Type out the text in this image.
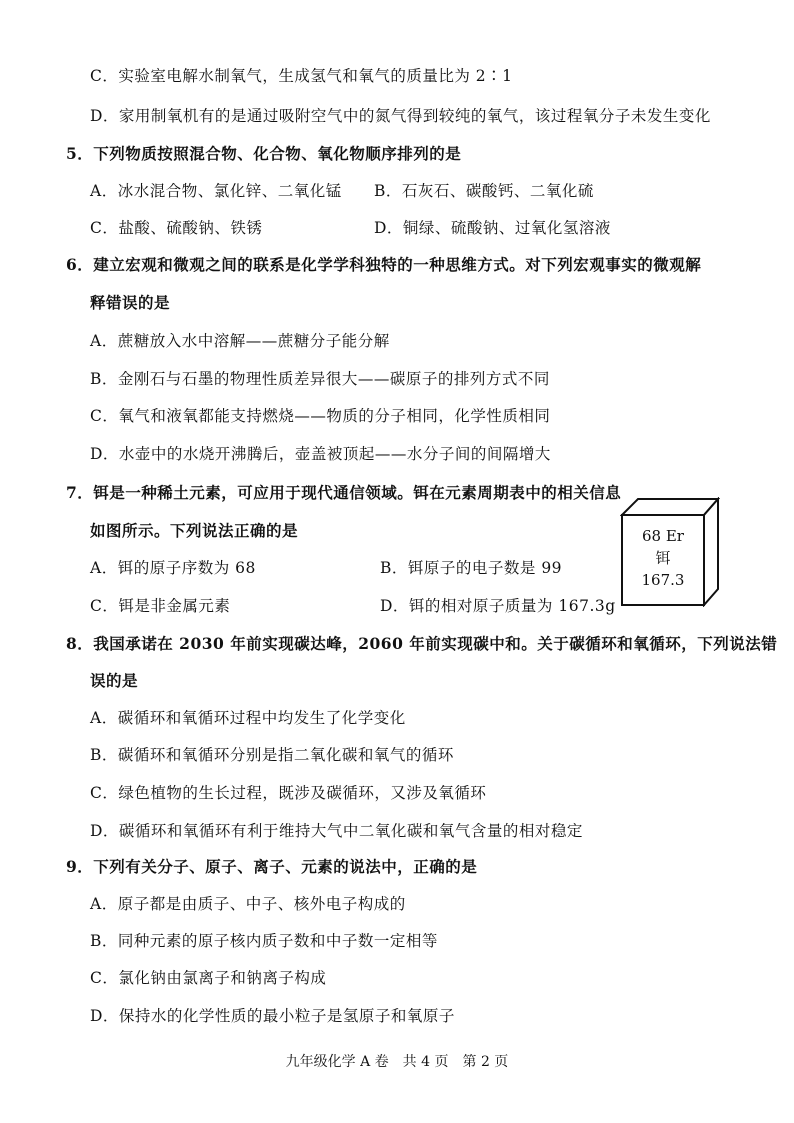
C．实验室电解水制氧气，生成氢气和氧气的质量比为 2∶1
D．家用制氧机有的是通过吸附空气中的氮气得到较纯的氧气，该过程氧分子未发生变化
5．下列物质按照混合物、化合物、氧化物顺序排列的是
A．冰水混合物、氯化锌、二氧化锰 B．石灰石、碳酸钙、二氧化硫
C．盐酸、硫酸钠、铁锈	D．铜绿、硫酸钠、过氧化氢溶液
6．建立宏观和微观之间的联系是化学学科独特的一种思维方式。对下列宏观事实的微观解
释错误的是
A．蔗糖放入水中溶解——蔗糖分子能分解
B．金刚石与石墨的物理性质差异很大——碳原子的排列方式不同
C．氧气和液氧都能支持燃烧——物质的分子相同，化学性质相同
D．水壶中的水烧开沸腾后，壶盖被顶起——水分子间的间隔增大
7．铒是一种稀土元素，可应用于现代通信领域。铒在元素周期表中的相关信息
如图所示。下列说法正确的是
A．铒的原子序数为 68	B．铒原子的电子数是 99
C．铒是非金属元素	D．铒的相对原子质量为 167.3g
68 Er
铒
167.3
8．我国承诺在 2030 年前实现碳达峰，2060 年前实现碳中和。关于碳循环和氧循环，下列说法错
误的是
A．碳循环和氧循环过程中均发生了化学变化
B．碳循环和氧循环分别是指二氧化碳和氧气的循环
C．绿色植物的生长过程，既涉及碳循环，又涉及氧循环
D．碳循环和氧循环有利于维持大气中二氧化碳和氧气含量的相对稳定
9．下列有关分子、原子、离子、元素的说法中，正确的是
A．原子都是由质子、中子、核外电子构成的
B．同种元素的原子核内质子数和中子数一定相等
C．氯化钠由氯离子和钠离子构成
D．保持水的化学性质的最小粒子是氢原子和氧原子
九年级化学 A 卷　共 4 页　第 2 页
